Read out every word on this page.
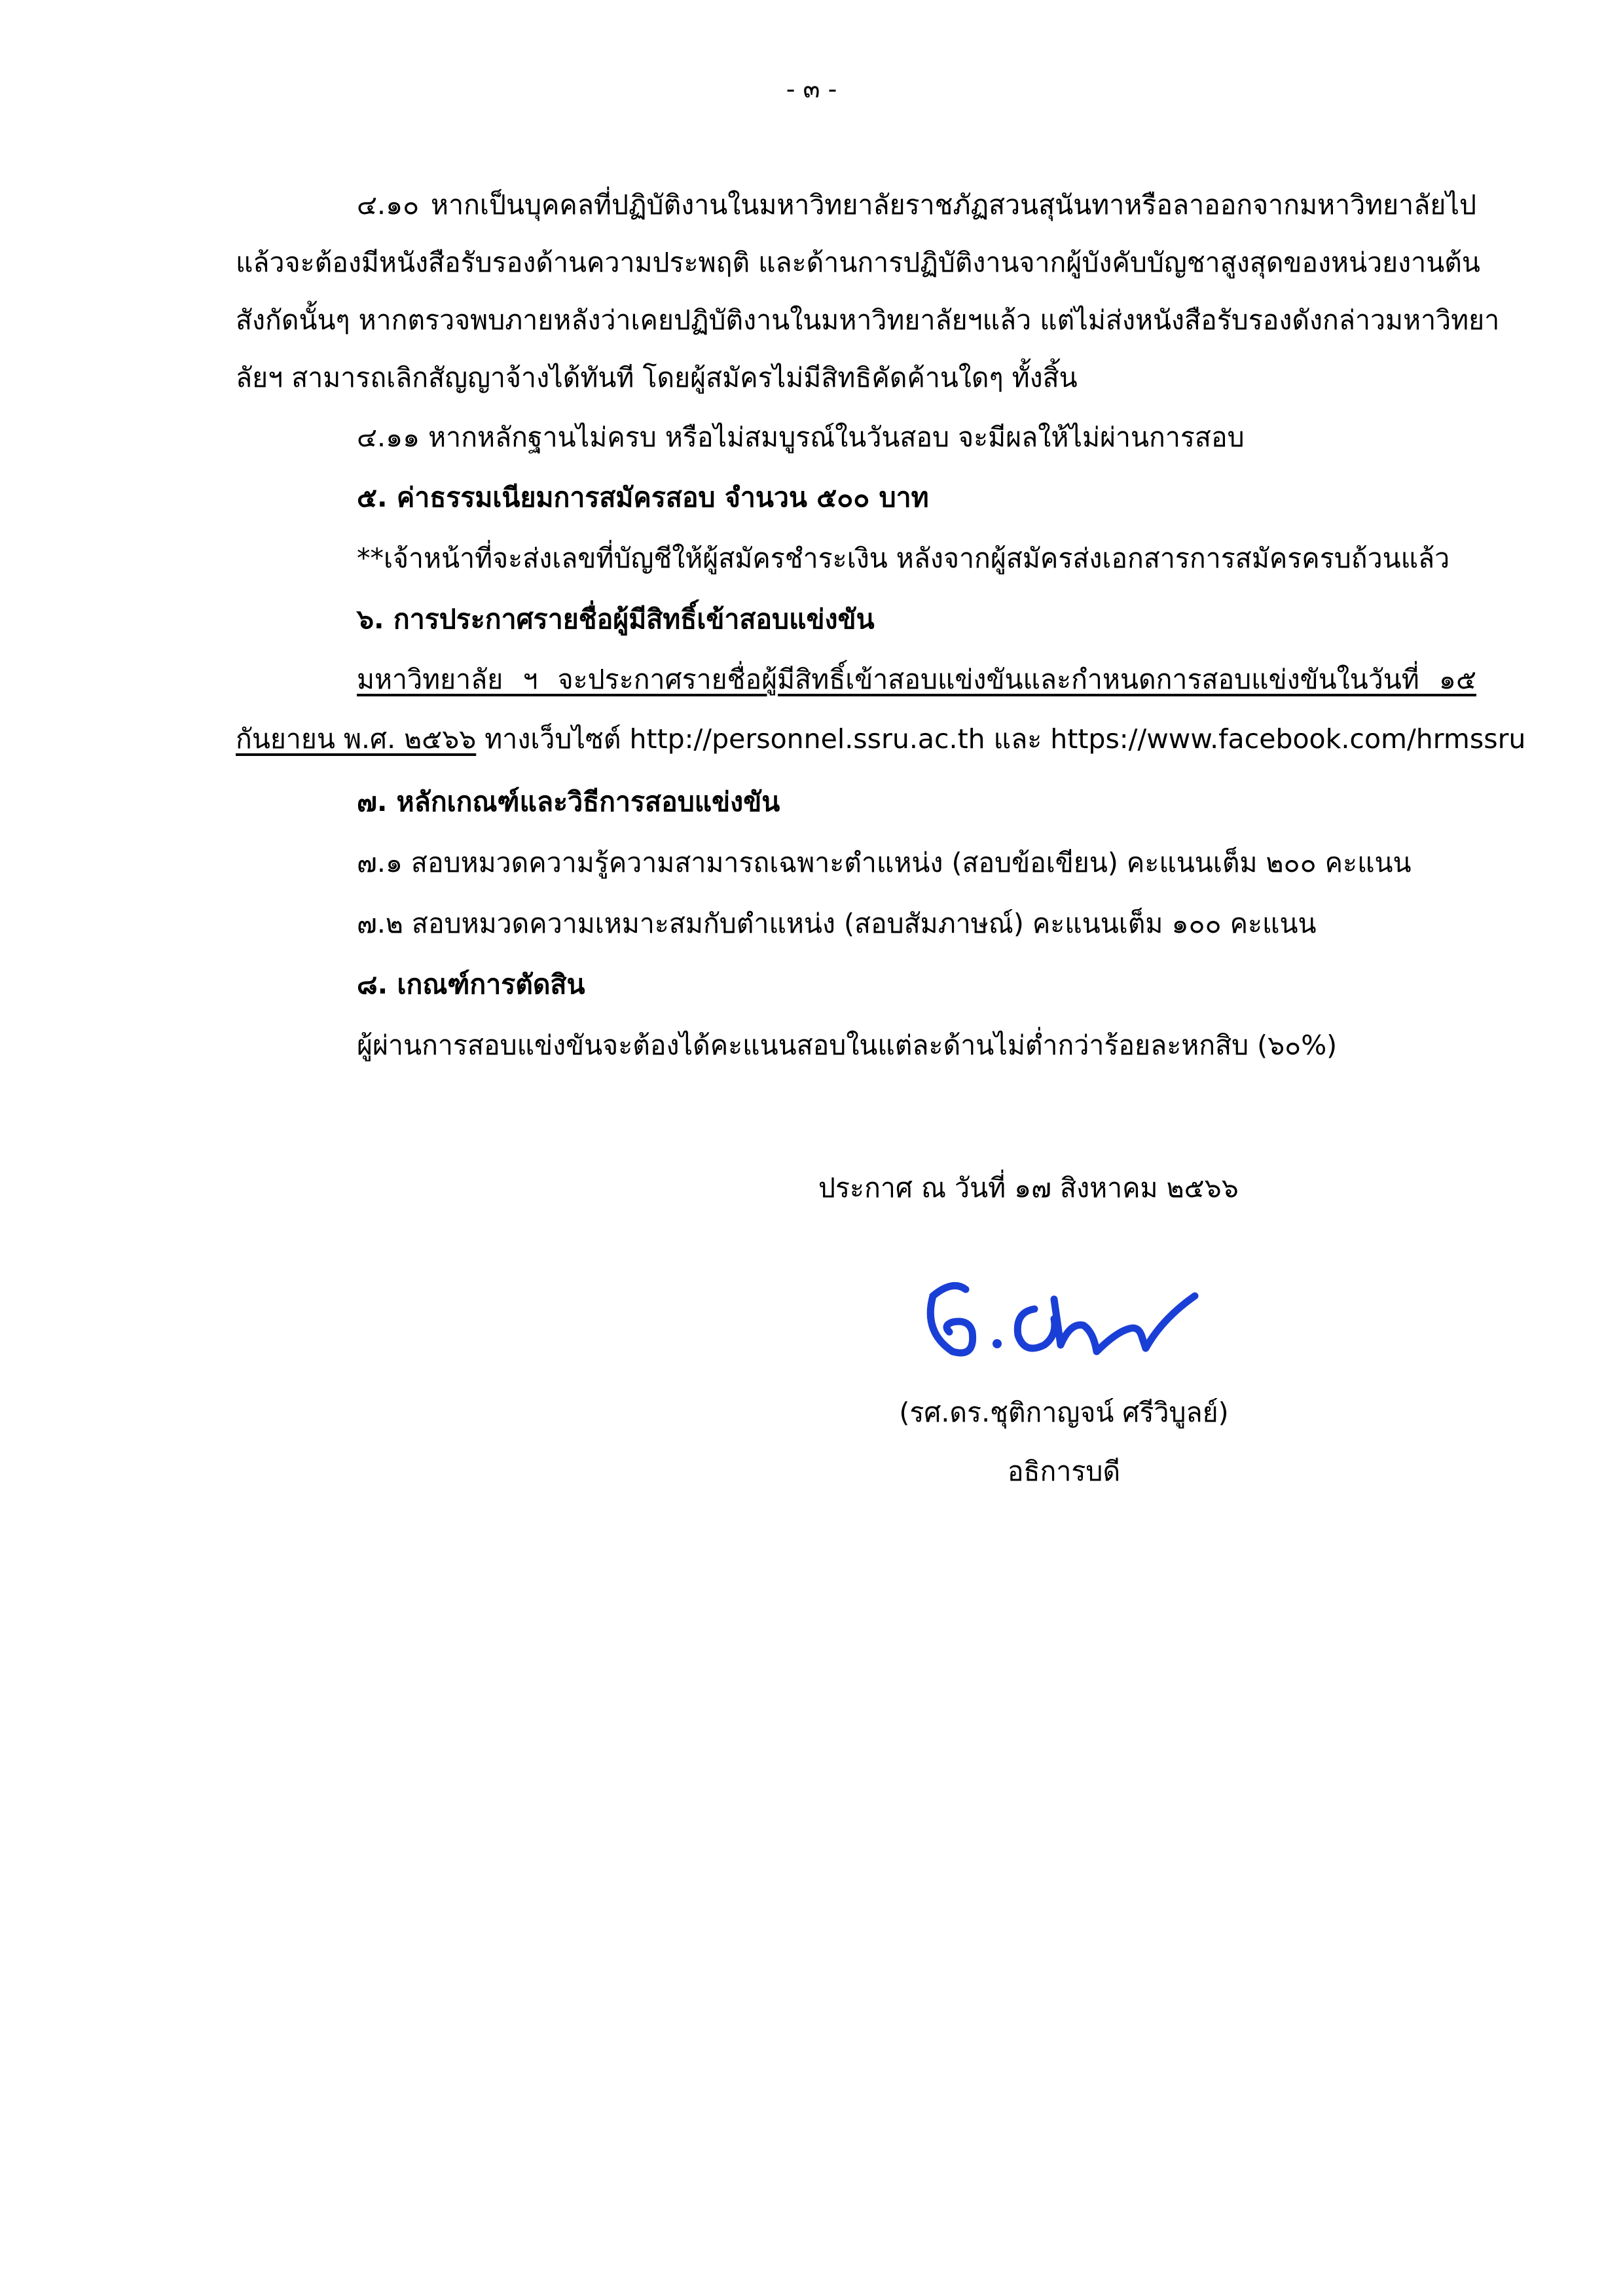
- ๓ -
๔.๑๐ หากเป็นบุคคลที่ปฏิบัติงานในมหาวิทยาลัยราชภัฏสวนสุนันทาหรือลาออกจากมหาวิทยาลัยไป
แล้วจะต้องมีหนังสือรับรองด้านความประพฤติ และด้านการปฏิบัติงานจากผู้บังคับบัญชาสูงสุดของหน่วยงานต้น
สังกัดนั้นๆ หากตรวจพบภายหลังว่าเคยปฏิบัติงานในมหาวิทยาลัยฯแล้ว แต่ไม่ส่งหนังสือรับรองดังกล่าวมหาวิทยา
ลัยฯ สามารถเลิกสัญญาจ้างได้ทันที โดยผู้สมัครไม่มีสิทธิคัดค้านใดๆ ทั้งสิ้น
๔.๑๑ หากหลักฐานไม่ครบ หรือไม่สมบูรณ์ในวันสอบ จะมีผลให้ไม่ผ่านการสอบ
๕. ค่าธรรมเนียมการสมัครสอบ จำนวน ๕๐๐ บาท
**เจ้าหน้าที่จะส่งเลขที่บัญชีให้ผู้สมัครชำระเงิน หลังจากผู้สมัครส่งเอกสารการสมัครครบถ้วนแล้ว
๖. การประกาศรายชื่อผู้มีสิทธิ์เข้าสอบแข่งขัน
มหาวิทยาลัย ฯ จะประกาศรายชื่อผู้มีสิทธิ์เข้าสอบแข่งขันและกำหนดการสอบแข่งขันในวันที่ ๑๕
กันยายน พ.ศ. ๒๕๖๖ ทางเว็บไซต์ http://personnel.ssru.ac.th และ https://www.facebook.com/hrmssru
๗. หลักเกณฑ์และวิธีการสอบแข่งขัน
๗.๑ สอบหมวดความรู้ความสามารถเฉพาะตำแหน่ง (สอบข้อเขียน) คะแนนเต็ม ๒๐๐ คะแนน
๗.๒ สอบหมวดความเหมาะสมกับตำแหน่ง (สอบสัมภาษณ์) คะแนนเต็ม ๑๐๐ คะแนน
๘. เกณฑ์การตัดสิน
ผู้ผ่านการสอบแข่งขันจะต้องได้คะแนนสอบในแต่ละด้านไม่ต่ำกว่าร้อยละหกสิบ (๖๐%)
ประกาศ ณ วันที่ ๑๗ สิงหาคม ๒๕๖๖
(รศ.ดร.ชุติกาญจน์ ศรีวิบูลย์)
อธิการบดี
